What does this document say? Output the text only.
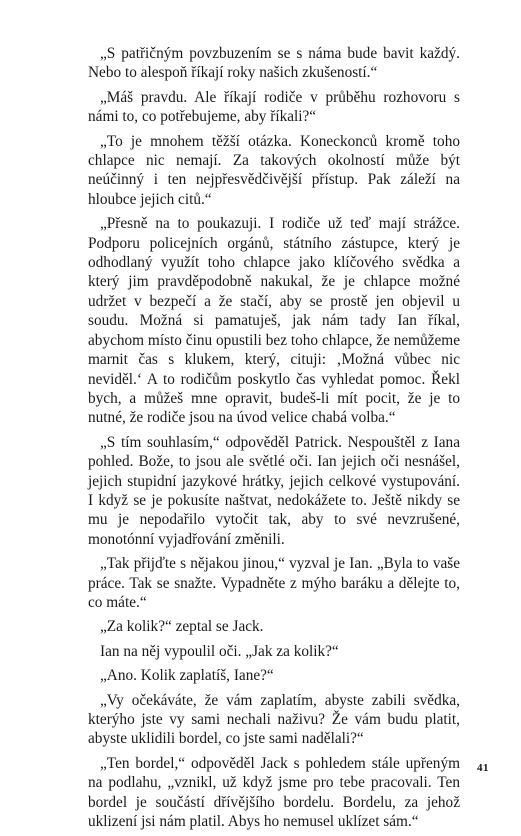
„S patřičným povzbuzením se s náma bude bavit každý. Nebo to alespoň říkají roky našich zkušeností.“

„Máš pravdu. Ale říkají rodiče v průběhu rozhovoru s námi to, co potřebujeme, aby říkali?“

„To je mnohem těžší otázka. Koneckonců kromě toho chlapce nic nemají. Za takových okolností může být neúčinný i ten nejpřesvědčivější přístup. Pak záleží na hloubce jejich citů.“

„Přesně na to poukazuji. I rodiče už teď mají strážce. Podporu policejních orgánů, státního zástupce, který je odhodlaný využít toho chlapce jako klíčového svědka a který jim pravděpodobně nakukal, že je chlapce možné udržet v bezpečí a že stačí, aby se prostě jen objevil u soudu. Možná si pamatuješ, jak nám tady Ian říkal, abychom místo činu opustili bez toho chlapce, že nemůžeme marnit čas s klukem, který, cituji: ‚Možná vůbec nic neviděl.‘ A to rodičům poskytlo čas vyhledat pomoc. Řekl bych, a můžeš mne opravit, budeš-li mít pocit, že je to nutné, že rodiče jsou na úvod velice chabá volba.“

„S tím souhlasím,“ odpověděl Patrick. Nespouštěl z Iana pohled. Bože, to jsou ale světlé oči. Ian jejich oči nesnášel, jejich stupidní jazykové hrátky, jejich celkové vystupování. I když se je pokusíte naštvat, nedokážete to. Ještě nikdy se mu je nepodařilo vytočit tak, aby to své nevzrušené, monotónní vyjadřování změnili.

„Tak přijďte s nějakou jinou,“ vyzval je Ian. „Byla to vaše práce. Tak se snažte. Vypadněte z mýho baráku a dělejte to, co máte.“

„Za kolik?“ zeptal se Jack.

Ian na něj vypoulil oči. „Jak za kolik?“

„Ano. Kolik zaplatíš, Iane?“

„Vy očekáváte, že vám zaplatím, abyste zabili svědka, kterýho jste vy sami nechali naživu? Že vám budu platit, abyste uklidili bordel, co jste sami nadělali?“

„Ten bordel,“ odpověděl Jack s pohledem stále upřeným na podlahu, „vznikl, už když jsme pro tebe pracovali. Ten bordel je součástí dřívějšího bordelu. Bordelu, za jehož uklizení jsi nám platil. Abys ho nemusel uklízet sám.“

41
